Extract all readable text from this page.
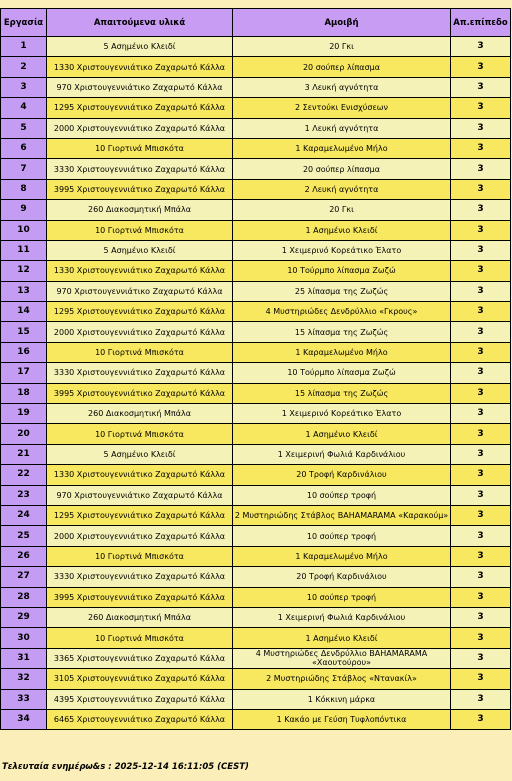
Εργασία	Απαιτούμενα υλικά	Αμοιβή	Απ.επίπεδο
1	5 Ασημένιο Κλειδί	20 Γκι	3
2	1330 Χριστουγεννιάτικο Ζαχαρωτό Κάλλα	20 σούπερ λίπασμα	3
3	970 Χριστουγεννιάτικο Ζαχαρωτό Κάλλα	3 Λευκή αγνότητα	3
4	1295 Χριστουγεννιάτικο Ζαχαρωτό Κάλλα	2 Σεντούκι Ενισχύσεων	3
5	2000 Χριστουγεννιάτικο Ζαχαρωτό Κάλλα	1 Λευκή αγνότητα	3
6	10 Γιορτινά Μπισκότα	1 Καραμελωμένο Μήλο	3
7	3330 Χριστουγεννιάτικο Ζαχαρωτό Κάλλα	20 σούπερ λίπασμα	3
8	3995 Χριστουγεννιάτικο Ζαχαρωτό Κάλλα	2 Λευκή αγνότητα	3
9	260 Διακοσμητική Μπάλα	20 Γκι	3
10	10 Γιορτινά Μπισκότα	1 Ασημένιο Κλειδί	3
11	5 Ασημένιο Κλειδί	1 Χειμερινό Κορεάτικο Έλατο	3
12	1330 Χριστουγεννιάτικο Ζαχαρωτό Κάλλα	10 Τούρμπο λίπασμα Ζωζώ	3
13	970 Χριστουγεννιάτικο Ζαχαρωτό Κάλλα	25 λίπασμα της Ζωζώς	3
14	1295 Χριστουγεννιάτικο Ζαχαρωτό Κάλλα	4 Μυστηριώδες Δενδρύλλιο «Γκρους»	3
15	2000 Χριστουγεννιάτικο Ζαχαρωτό Κάλλα	15 λίπασμα της Ζωζώς	3
16	10 Γιορτινά Μπισκότα	1 Καραμελωμένο Μήλο	3
17	3330 Χριστουγεννιάτικο Ζαχαρωτό Κάλλα	10 Τούρμπο λίπασμα Ζωζώ	3
18	3995 Χριστουγεννιάτικο Ζαχαρωτό Κάλλα	15 λίπασμα της Ζωζώς	3
19	260 Διακοσμητική Μπάλα	1 Χειμερινό Κορεάτικο Έλατο	3
20	10 Γιορτινά Μπισκότα	1 Ασημένιο Κλειδί	3
21	5 Ασημένιο Κλειδί	1 Χειμερινή Φωλιά Καρδινάλιου	3
22	1330 Χριστουγεννιάτικο Ζαχαρωτό Κάλλα	20 Τροφή Καρδινάλιου	3
23	970 Χριστουγεννιάτικο Ζαχαρωτό Κάλλα	10 σούπερ τροφή	3
24	1295 Χριστουγεννιάτικο Ζαχαρωτό Κάλλα	2 Μυστηριώδης Στάβλος BAHAMARAMA «Καρακούμ»	3
25	2000 Χριστουγεννιάτικο Ζαχαρωτό Κάλλα	10 σούπερ τροφή	3
26	10 Γιορτινά Μπισκότα	1 Καραμελωμένο Μήλο	3
27	3330 Χριστουγεννιάτικο Ζαχαρωτό Κάλλα	20 Τροφή Καρδινάλιου	3
28	3995 Χριστουγεννιάτικο Ζαχαρωτό Κάλλα	10 σούπερ τροφή	3
29	260 Διακοσμητική Μπάλα	1 Χειμερινή Φωλιά Καρδινάλιου	3
30	10 Γιορτινά Μπισκότα	1 Ασημένιο Κλειδί	3
31	3365 Χριστουγεννιάτικο Ζαχαρωτό Κάλλα	4 Μυστηριώδες Δενδρύλλιο BAHAMARAMA «Χαουτούρου»	3
32	3105 Χριστουγεννιάτικο Ζαχαρωτό Κάλλα	2 Μυστηριώδης Στάβλος «Ντανακίλ»	3
33	4395 Χριστουγεννιάτικο Ζαχαρωτό Κάλλα	1 Κόκκινη μάρκα	3
34	6465 Χριστουγεννιάτικο Ζαχαρωτό Κάλλα	1 Κακάο με Γεύση Τυφλοπόντικα	3
Τελευταία ενημέρω&s : 2025-12-14 16:11:05 (CEST)
